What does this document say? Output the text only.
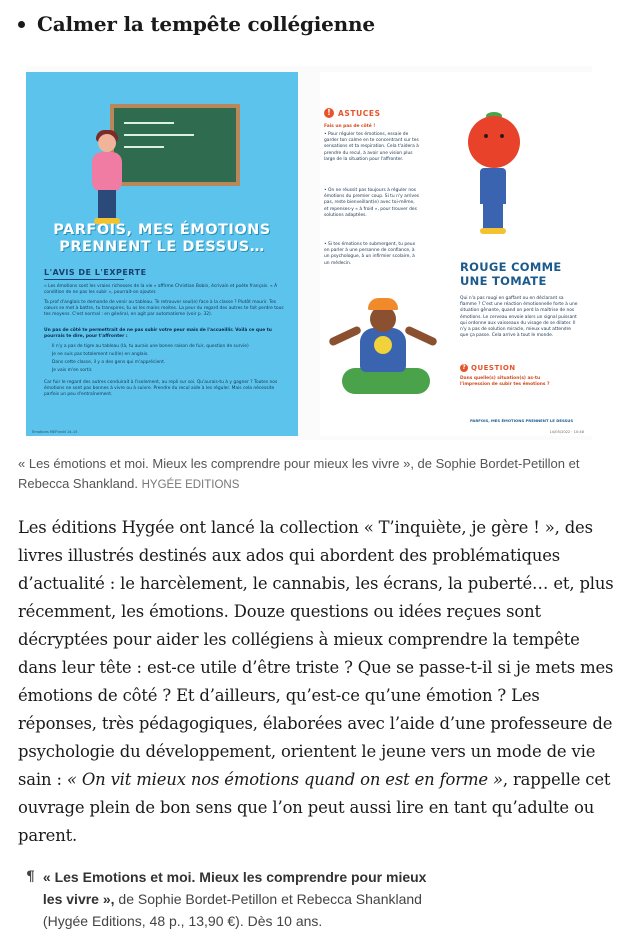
Calmer la tempête collégienne
PARFOIS, MES ÉMOTIONS PRENNENT LE DESSUS…
L'AVIS DE L'EXPERTE
« Les émotions sont les vraies richesses de la vie » affirme Christian Bobin, écrivain et poète français. « À condition de ne pas les subir », pourrait-on ajouter.
Ta prof d'anglais te demande de venir au tableau. Te retrouver seul(e) face à la classe ? Plutôt mourir. Tes cœurs se met à battre, tu transpires, tu as les mains moites. La peur du regard des autres te fait perdre tous tes moyens. C'est normal : en général, en agit par automatisme (voir p. 32).
Un pas de côté te permettrait de ne pas subir votre peur mais de l'accueillir. Voilà ce que tu pourrais te dire, pour t'affronter :
Il n'y a pas de tigre au tableau (là, tu aurais une bonne raison de fuir, question de survie)
Je ne suis pas totalement nul(le) en anglais.
Dans cette classe, il y a des gens qui m'apprécient.
Je vais m'en sortir.
Car fuir le regard des autres conduirait à l'isolement, au repli sur soi. Qu'aurais-tu à y gagner ? Toutes nos émotions ne sont pas bonnes à vivre ou à suivre. Prendre du recul aide à les réguler. Mais cela nécessite parfois un peu d'entraînement.
Émotions MEP.indd 14-15
! ASTUCES
Fais un pas de côté !
• Pour réguler tes émotions, essaie de garder ton calme en te concentrant sur tes sensations et ta respiration. Cela t'aidera à prendre du recul, à avoir une vision plus large de la situation pour l'affronter.
• On ne réussit pas toujours à réguler nos émotions du premier coup. Si tu n'y arrives pas, reste bienveillant(e) avec toi-même, et repenses-y « à froid », pour trouver des solutions adaptées.
• Si tes émotions te submergent, tu peux en parler à une personne de confiance, à un psychologue, à un infirmier scolaire, à un médecin.	ROUGE COMME UNE TOMATE
Qui n'a pas rougi en gaffant ou en déclarant sa flamme ? C'est une réaction émotionnelle forte à une situation gênante, quand on perd la maîtrise de nos émotions. Le cerveau envoie alors un signal puissant qui ordonne aux vaisseaux du visage de se dilater. Il n'y a pas de solution miracle, mieux vaut attendre que ça passe. Cela arrive à tout le monde.
? QUESTION
Dans quelle(s) situation(s) as-tu l'impression de subir tes émotions ?
PARFOIS, MES ÉMOTIONS PRENNENT LE DESSUS
14/05/2022 · 10:48
« Les émotions et moi. Mieux les comprendre pour mieux les vivre », de Sophie Bordet-Petillon et Rebecca Shankland. HYGÉE EDITIONS

Les éditions Hygée ont lancé la collection « T’inquiète, je gère ! », des livres illustrés destinés aux ados qui abordent des problématiques d’actualité : le harcèlement, le cannabis, les écrans, la puberté… et, plus récemment, les émotions. Douze questions ou idées reçues sont décryptées pour aider les collégiens à mieux comprendre la tempête dans leur tête : est-ce utile d’être triste ? Que se passe-t-il si je mets mes émotions de côté ? Et d’ailleurs, qu’est-ce qu’une émotion ? Les réponses, très pédagogiques, élaborées avec l’aide d’une professeure de psychologie du développement, orientent le jeune vers un mode de vie sain : « On vit mieux nos émotions quand on est en forme », rappelle cet ouvrage plein de bon sens que l’on peut aussi lire en tant qu’adulte ou parent.

¶ « Les Emotions et moi. Mieux les comprendre pour mieux les vivre », de Sophie Bordet-Petillon et Rebecca Shankland (Hygée Editions, 48 p., 13,90 €). Dès 10 ans.
